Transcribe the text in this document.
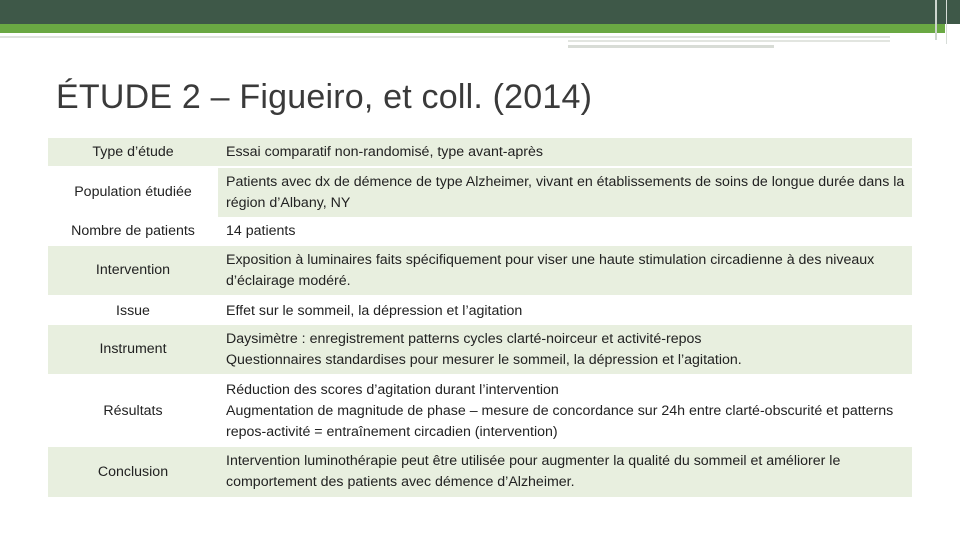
ÉTUDE 2 – Figueiro, et coll. (2014)
Type d’étude	Essai comparatif non-randomisé, type avant-après

Population étudiée	Patients avec dx de démence de type Alzheimer, vivant en établissements de soins de longue durée dans la région d’Albany, NY

Nombre de patients	14 patients

Intervention	Exposition à luminaires faits spécifiquement pour viser une haute stimulation circadienne à des niveaux d’éclairage modéré.

Issue	Effet sur le sommeil, la dépression et l’agitation

Instrument	Daysimètre : enregistrement patterns cycles clarté-noirceur et activité-repos
Questionnaires standardises pour mesurer le sommeil, la dépression et l’agitation.

Résultats	Réduction des scores d’agitation durant l’intervention
Augmentation de magnitude de phase – mesure de concordance sur 24h entre clarté-obscurité et patterns repos-activité = entraînement circadien (intervention)

Conclusion	Intervention luminothérapie peut être utilisée pour augmenter la qualité du sommeil et améliorer le comportement des patients avec démence d’Alzheimer.
